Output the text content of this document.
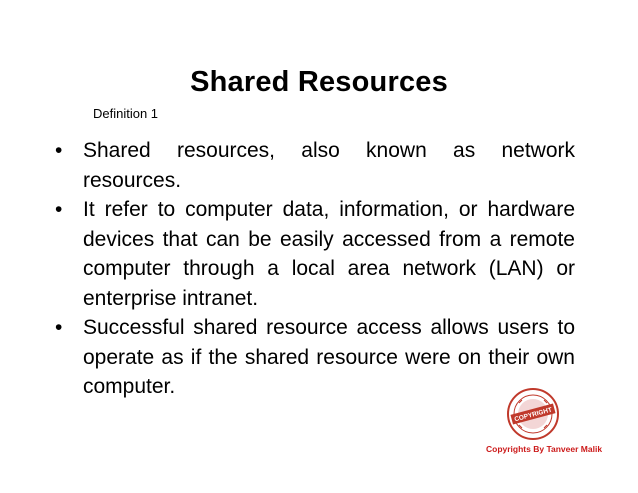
Shared Resources
Definition 1
• Shared resources, also known as network resources.
• It refer to computer data, information, or hardware devices that can be easily accessed from a remote computer through a local area network (LAN) or enterprise intranet.
• Successful shared resource access allows users to operate as if the shared resource were on their own computer.
COPYRIGHT
Copyrights By Tanveer Malik
